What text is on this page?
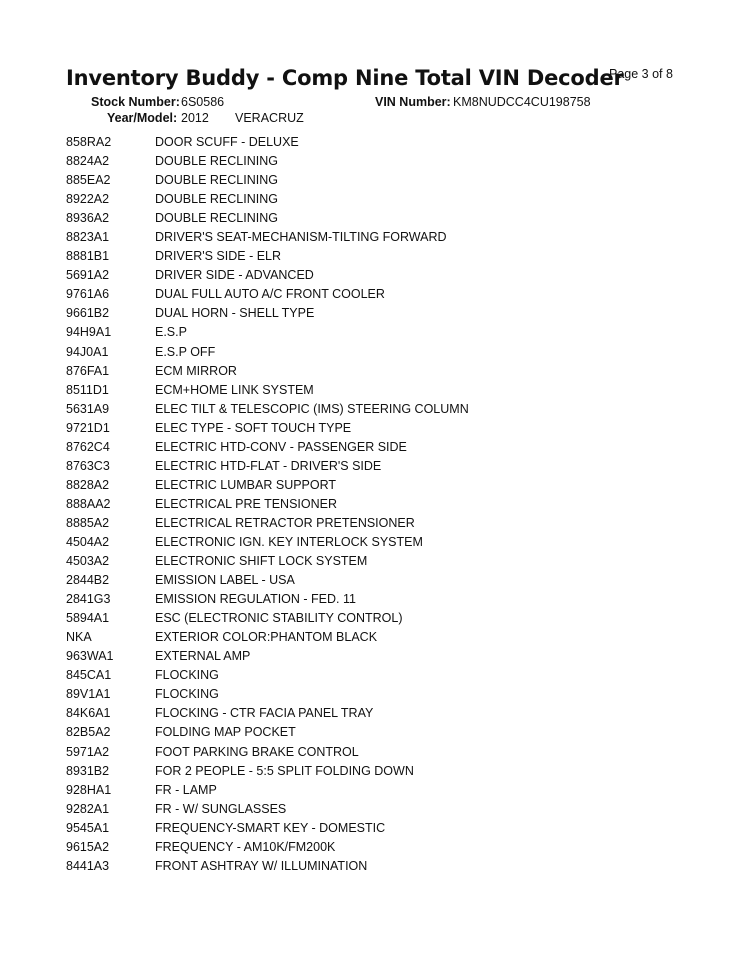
Inventory Buddy - Comp Nine Total VIN Decoder
Page 3 of 8
Stock Number: 6S0586	VIN Number: KM8NUDCC4CU198758
Year/Model: 2012 VERACRUZ
858RA2	DOOR SCUFF - DELUXE
8824A2	DOUBLE RECLINING
885EA2	DOUBLE RECLINING
8922A2	DOUBLE RECLINING
8936A2	DOUBLE RECLINING
8823A1	DRIVER'S SEAT-MECHANISM-TILTING FORWARD
8881B1	DRIVER'S SIDE - ELR
5691A2	DRIVER SIDE - ADVANCED
9761A6	DUAL FULL AUTO A/C FRONT COOLER
9661B2	DUAL HORN - SHELL TYPE
94H9A1	E.S.P
94J0A1	E.S.P OFF
876FA1	ECM MIRROR
8511D1	ECM+HOME LINK SYSTEM
5631A9	ELEC TILT & TELESCOPIC (IMS) STEERING COLUMN
9721D1	ELEC TYPE - SOFT TOUCH TYPE
8762C4	ELECTRIC HTD-CONV - PASSENGER SIDE
8763C3	ELECTRIC HTD-FLAT - DRIVER'S SIDE
8828A2	ELECTRIC LUMBAR SUPPORT
888AA2	ELECTRICAL PRE TENSIONER
8885A2	ELECTRICAL RETRACTOR PRETENSIONER
4504A2	ELECTRONIC IGN. KEY INTERLOCK SYSTEM
4503A2	ELECTRONIC SHIFT LOCK SYSTEM
2844B2	EMISSION LABEL - USA
2841G3	EMISSION REGULATION - FED. 11
5894A1	ESC (ELECTRONIC STABILITY CONTROL)
NKA	EXTERIOR COLOR:PHANTOM BLACK
963WA1	EXTERNAL AMP
845CA1	FLOCKING
89V1A1	FLOCKING
84K6A1	FLOCKING - CTR FACIA PANEL TRAY
82B5A2	FOLDING MAP POCKET
5971A2	FOOT PARKING BRAKE CONTROL
8931B2	FOR 2 PEOPLE - 5:5 SPLIT FOLDING DOWN
928HA1	FR - LAMP
9282A1	FR - W/ SUNGLASSES
9545A1	FREQUENCY-SMART KEY - DOMESTIC
9615A2	FREQUENCY - AM10K/FM200K
8441A3	FRONT ASHTRAY W/ ILLUMINATION
